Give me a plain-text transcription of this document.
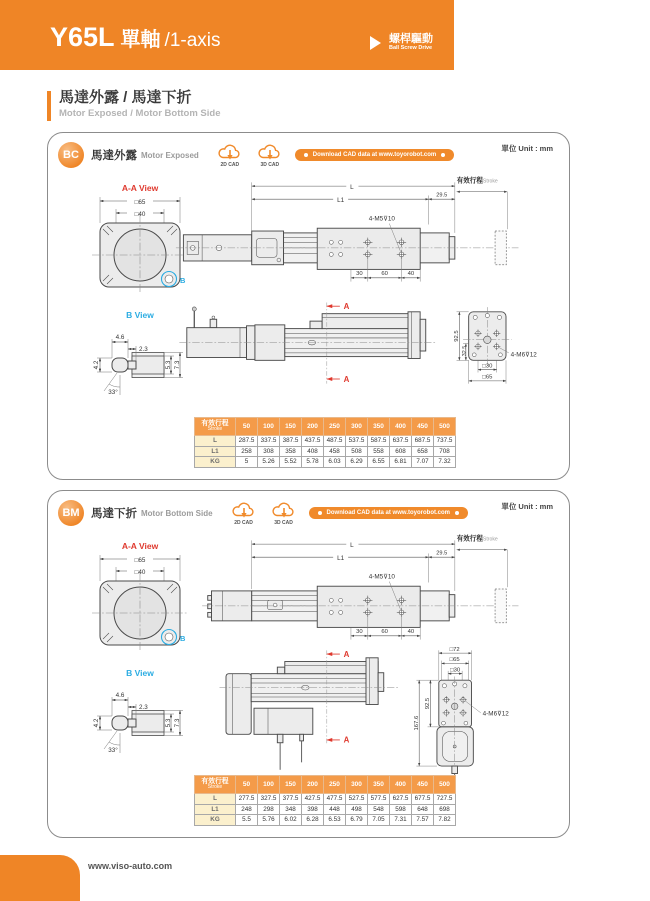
Y65L 單軸 /1-axis	螺桿驅動
Ball Screw Drive
馬達外露 / 馬達下折
Motor Exposed / Motor Bottom Side
BC	馬達外露 Motor Exposed
2D CAD	3D CAD
Download CAD data at www.toyorobot.com
單位 Unit : mm
A-A View
□65
□40
B
B View
4.6
2.3
4.2	5.3 7.3
33°
L
L1
29.5
有效行程Stroke
4-M5⊽10
30	60	40
A
A
92.5
32.5
□30
□65
4-M6⊽12
有效行程
Stroke	50	100	150	200	250	300	350	400	450	500
L	287.5	337.5	387.5	437.5	487.5	537.5	587.5	637.5	687.5	737.5
L1	258	308	358	408	458	508	558	608	658	708
KG	5	5.26	5.52	5.78	6.03	6.29	6.55	6.81	7.07	7.32
BM 馬達下折 Motor Bottom Side
2D CAD	3D CAD
Download CAD data at www.toyorobot.com
單位 Unit : mm
A-A View
□65
□40
B
B View
4.6
2.3
4.2	5.3 7.3
33°
L
L1
29.5
有效行程Stroke
4-M5⊽10
30	60	40
A
A
□72
□65
□30
92.5
167.6
4-M6⊽12
有效行程
Stroke	50	100	150	200	250	300	350	400	450	500
L	277.5	327.5	377.5	427.5	477.5	527.5	577.5	627.5	677.5	727.5
L1	248	298	348	398	448	498	548	598	648	698
KG	5.5	5.76	6.02	6.28	6.53	6.79	7.05	7.31	7.57	7.82
www.viso-auto.com
